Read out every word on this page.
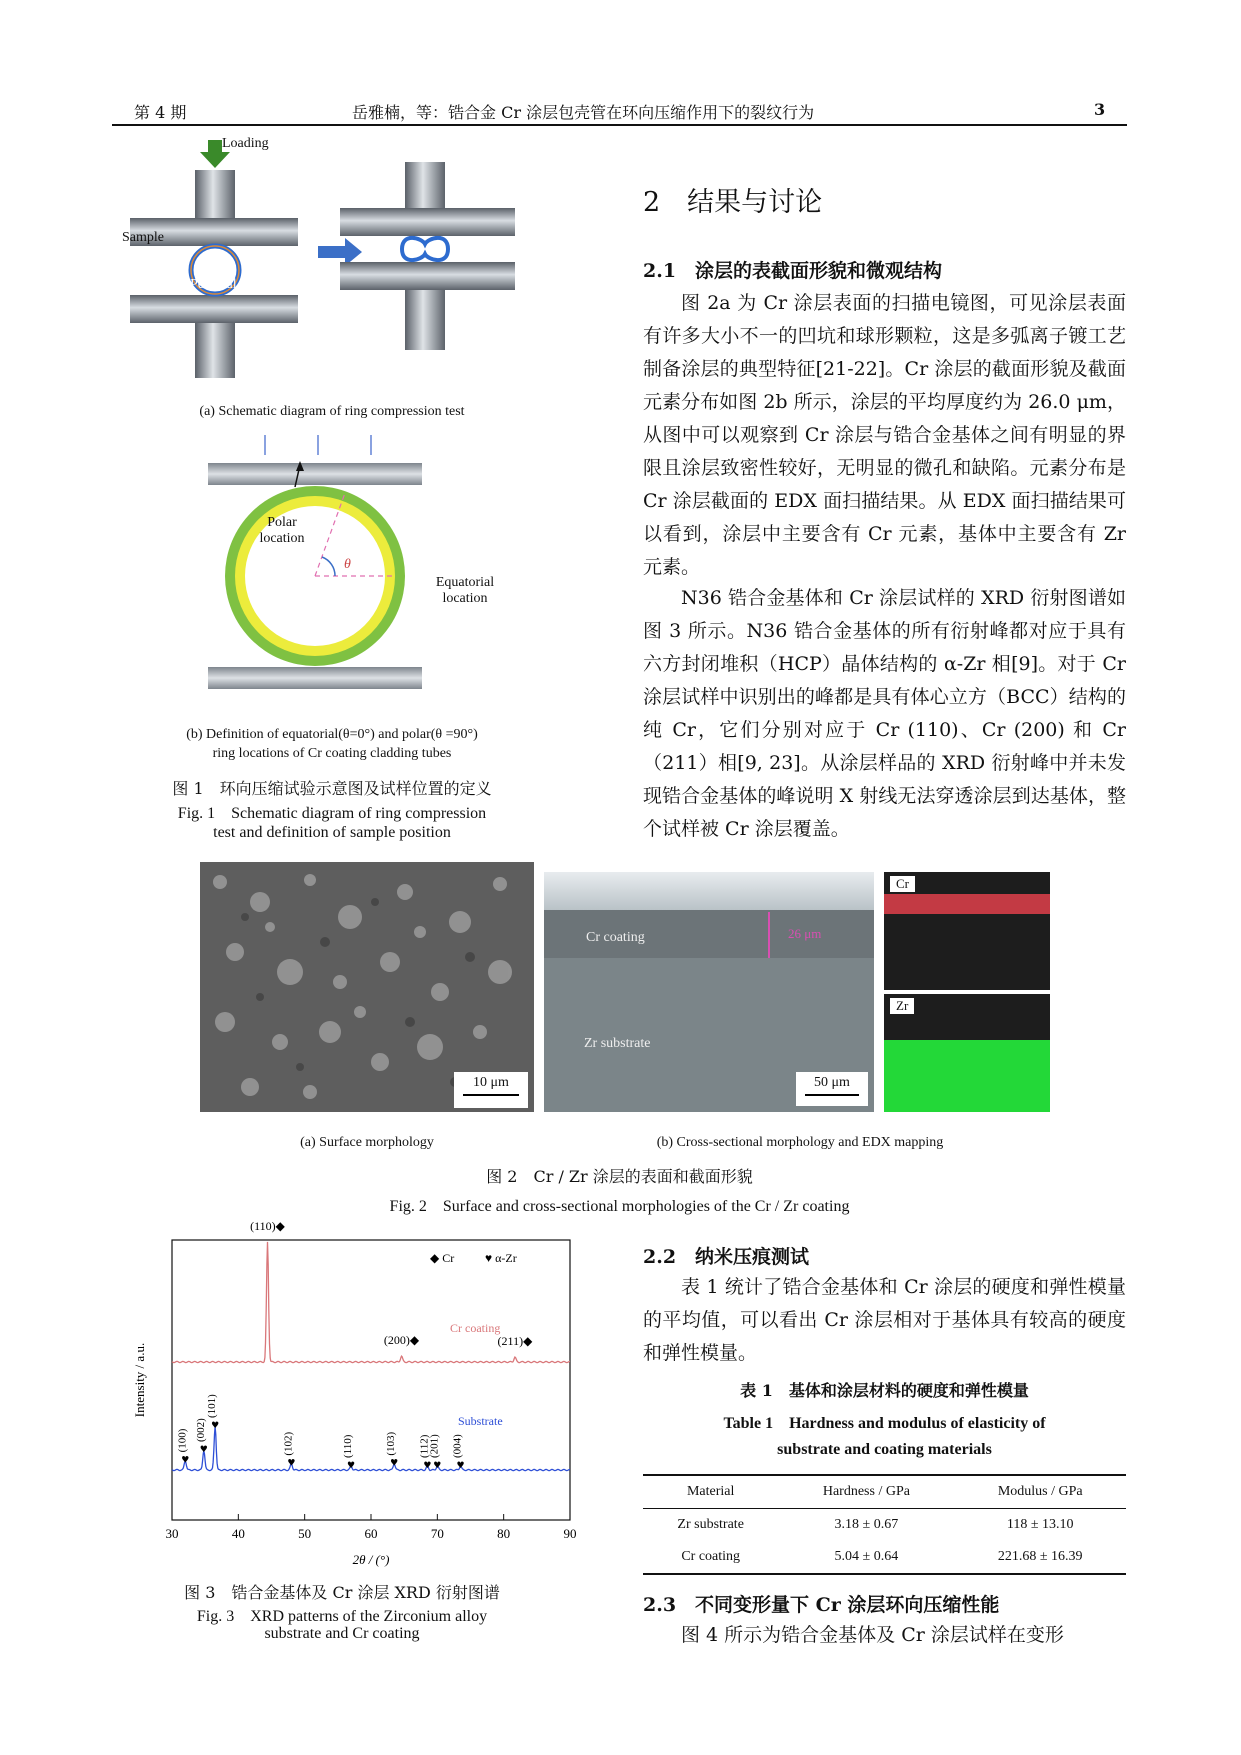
第 4 期	岳雅楠，等：锆合金 Cr 涂层包壳管在环向压缩作用下的裂纹行为	3
Loading
Sample
Pedestal
(a) Schematic diagram of ring compression test
Polar
location
θ
Equatorial
location
(b) Definition of equatorial(θ=0°) and polar(θ =90°)
ring locations of Cr coating cladding tubes
图 1　环向压缩试验示意图及试样位置的定义
Fig. 1　Schematic diagram of ring compression
test and definition of sample position
2　结果与讨论
2.1　涂层的表截面形貌和微观结构
图 2a 为 Cr 涂层表面的扫描电镜图，可见涂层表面有许多大小不一的凹坑和球形颗粒，这是多弧离子镀工艺制备涂层的典型特征[21-22]。Cr 涂层的截面形貌及截面元素分布如图 2b 所示，涂层的平均厚度约为 26.0 μm，从图中可以观察到 Cr 涂层与锆合金基体之间有明显的界限且涂层致密性较好，无明显的微孔和缺陷。元素分布是 Cr 涂层截面的 EDX 面扫描结果。从 EDX 面扫描结果可以看到，涂层中主要含有 Cr 元素，基体中主要含有 Zr 元素。
N36 锆合金基体和 Cr 涂层试样的 XRD 衍射图谱如图 3 所示。N36 锆合金基体的所有衍射峰都对应于具有六方封闭堆积（HCP）晶体结构的 α-Zr 相[9]。对于 Cr 涂层试样中识别出的峰都是具有体心立方（BCC）结构的纯 Cr，它们分别对应于 Cr (110)、Cr (200) 和 Cr（211）相[9, 23]。从涂层样品的 XRD 衍射峰中并未发现锆合金基体的峰说明 X 射线无法穿透涂层到达基体，整个试样被 Cr 涂层覆盖。
10 μm
Cr coating	26 μm
Zr substrate
50 μm
Cr
Zr
(a) Surface morphology	(b) Cross-sectional morphology and EDX mapping
图 2　Cr / Zr 涂层的表面和截面形貌
Fig. 2　Surface and cross-sectional morphologies of the Cr / Zr coating
30	40	50	60	70	80	90
2θ / (°)
Intensity / a.u.
Cr coating
(110)◆
(200)◆	(211)◆
Substrate
(100)
♥
(002)
♥
(101)
♥
(102)
♥
(110)
♥
(103)
♥
(112)
♥
(201)
♥
(004)
♥
◆ Cr	♥ α-Zr
图 3　锆合金基体及 Cr 涂层 XRD 衍射图谱
Fig. 3　XRD patterns of the Zirconium alloy
substrate and Cr coating
2.2　纳米压痕测试
表 1 统计了锆合金基体和 Cr 涂层的硬度和弹性模量的平均值，可以看出 Cr 涂层相对于基体具有较高的硬度和弹性模量。
表 1　基体和涂层材料的硬度和弹性模量
Table 1　Hardness and modulus of elasticity of
substrate and coating materials
Material	Hardness / GPa	Modulus / GPa
Zr substrate	3.18 ± 0.67	118 ± 13.10
Cr coating	5.04 ± 0.64	221.68 ± 16.39
2.3　不同变形量下 Cr 涂层环向压缩性能
图 4 所示为锆合金基体及 Cr 涂层试样在变形
